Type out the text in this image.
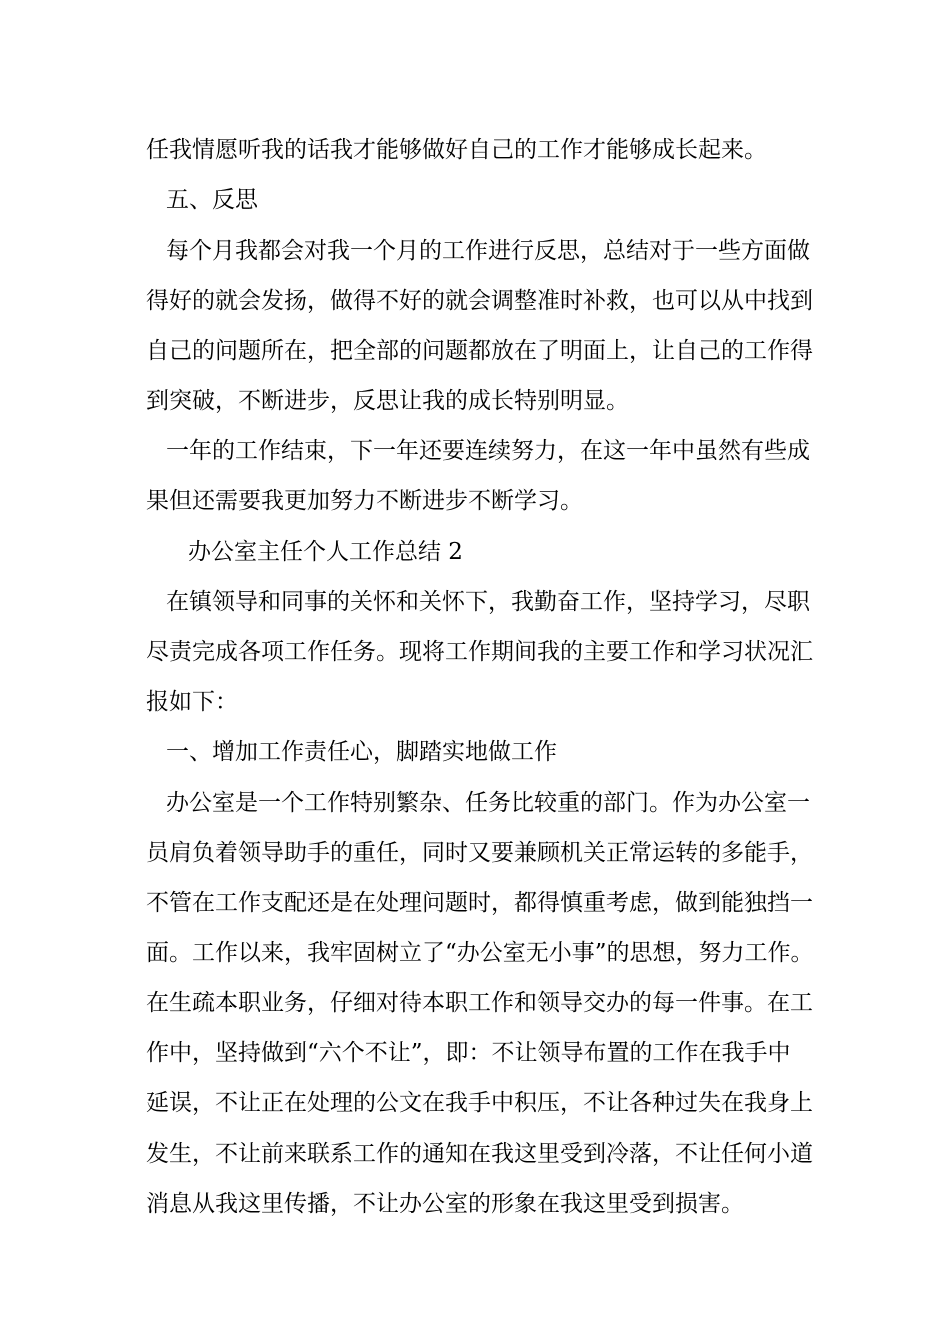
任我情愿听我的话我才能够做好自己的工作才能够成长起来。
五、反思
每个月我都会对我一个月的工作进行反思，总结对于一些方面做
得好的就会发扬，做得不好的就会调整准时补救，也可以从中找到
自己的问题所在，把全部的问题都放在了明面上，让自己的工作得
到突破，不断进步，反思让我的成长特别明显。
一年的工作结束，下一年还要连续努力，在这一年中虽然有些成
果但还需要我更加努力不断进步不断学习。
办公室主任个人工作总结 2
在镇领导和同事的关怀和关怀下，我勤奋工作，坚持学习，尽职
尽责完成各项工作任务。现将工作期间我的主要工作和学习状况汇
报如下：
一、增加工作责任心，脚踏实地做工作
办公室是一个工作特别繁杂、任务比较重的部门。作为办公室一
员肩负着领导助手的重任，同时又要兼顾机关正常运转的多能手，
不管在工作支配还是在处理问题时，都得慎重考虑，做到能独挡一
面。工作以来，我牢固树立了“办公室无小事”的思想，努力工作。
在生疏本职业务，仔细对待本职工作和领导交办的每一件事。在工
作中，坚持做到“六个不让”，即：不让领导布置的工作在我手中
延误，不让正在处理的公文在我手中积压，不让各种过失在我身上
发生，不让前来联系工作的通知在我这里受到冷落，不让任何小道
消息从我这里传播，不让办公室的形象在我这里受到损害。
